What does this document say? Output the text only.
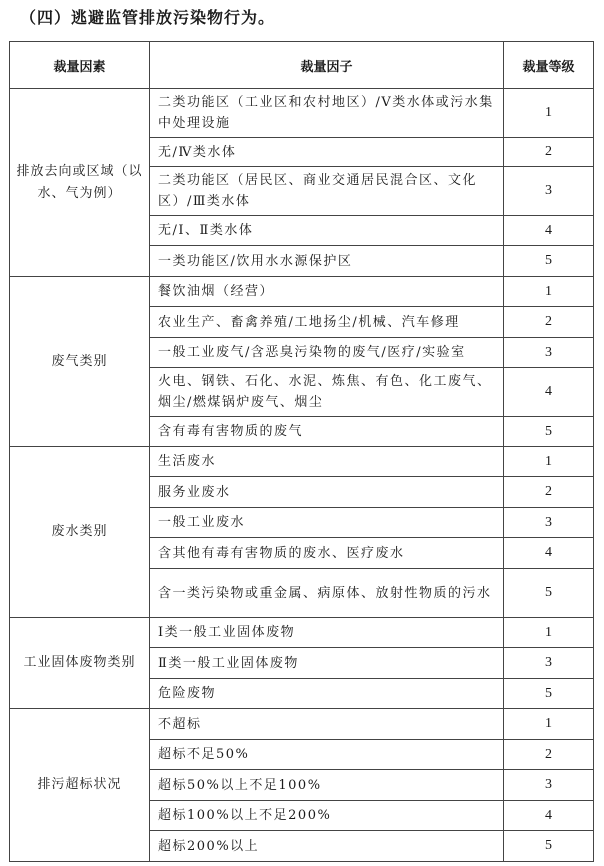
（四）逃避监管排放污染物行为。
裁量因素	裁量因子	裁量等级
排放去向或区域（以水、气为例）	二类功能区（工业区和农村地区）/V类水体或污水集中处理设施	1
	无/Ⅳ类水体	2
	二类功能区（居民区、商业交通居民混合区、文化区）/Ⅲ类水体	3
	无/Ⅰ、Ⅱ类水体	4
	一类功能区/饮用水水源保护区	5
废气类别	餐饮油烟（经营）	1
	农业生产、畜禽养殖/工地扬尘/机械、汽车修理	2
	一般工业废气/含恶臭污染物的废气/医疗/实验室	3
	火电、钢铁、石化、水泥、炼焦、有色、化工废气、烟尘/燃煤锅炉废气、烟尘	4
	含有毒有害物质的废气	5
废水类别	生活废水	1
	服务业废水	2
	一般工业废水	3
	含其他有毒有害物质的废水、医疗废水	4
	含一类污染物或重金属、病原体、放射性物质的污水	5
工业固体废物类别	Ⅰ类一般工业固体废物	1
	Ⅱ类一般工业固体废物	3
	危险废物	5
排污超标状况	不超标	1
	超标不足50%	2
	超标50%以上不足100%	3
	超标100%以上不足200%	4
	超标200%以上	5
